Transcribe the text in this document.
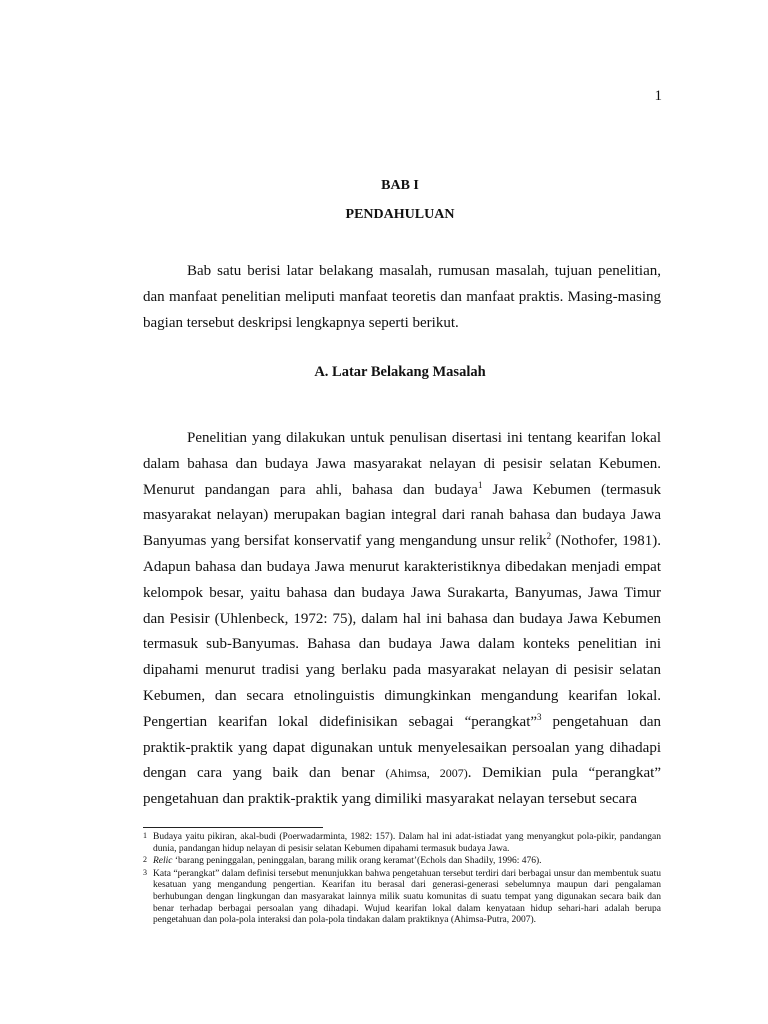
1
BAB I
PENDAHULUAN

Bab satu berisi latar belakang masalah, rumusan masalah, tujuan penelitian, dan manfaat penelitian meliputi manfaat teoretis dan manfaat praktis. Masing-masing bagian tersebut deskripsi lengkapnya seperti berikut.

A. Latar Belakang Masalah

Penelitian yang dilakukan untuk penulisan disertasi ini tentang kearifan lokal dalam bahasa dan budaya Jawa masyarakat nelayan di pesisir selatan Kebumen. Menurut pandangan para ahli, bahasa dan budaya$^1$ Jawa Kebumen (termasuk masyarakat nelayan) merupakan bagian integral dari ranah bahasa dan budaya Jawa Banyumas yang bersifat konservatif yang mengandung unsur relik$^2$ (Nothofer, 1981). Adapun bahasa dan budaya Jawa menurut karakteristiknya dibedakan menjadi empat kelompok besar, yaitu bahasa dan budaya Jawa Surakarta, Banyumas, Jawa Timur dan Pesisir (Uhlenbeck, 1972: 75), dalam hal ini bahasa dan budaya Jawa Kebumen termasuk sub-Banyumas. Bahasa dan budaya Jawa dalam konteks penelitian ini dipahami menurut tradisi yang berlaku pada masyarakat nelayan di pesisir selatan Kebumen, dan secara etnolinguistis dimungkinkan mengandung kearifan lokal. Pengertian kearifan lokal didefinisikan sebagai “perangkat”$^3$ pengetahuan dan praktik-praktik yang dapat digunakan untuk menyelesaikan persoalan yang dihadapi dengan cara yang baik dan benar (Ahimsa, 2007). Demikian pula “perangkat” pengetahuan dan praktik-praktik yang dimiliki masyarakat nelayan tersebut secara

1 Budaya yaitu pikiran, akal-budi (Poerwadarminta, 1982: 157). Dalam hal ini adat-istiadat yang menyangkut pola-pikir, pandangan dunia, pandangan hidup nelayan di pesisir selatan Kebumen dipahami termasuk budaya Jawa.

2 Relic ‘barang peninggalan, peninggalan, barang milik orang keramat’(Echols dan Shadily, 1996: 476).

3 Kata “perangkat” dalam definisi tersebut menunjukkan bahwa pengetahuan tersebut terdiri dari berbagai unsur dan membentuk suatu kesatuan yang mengandung pengertian. Kearifan itu berasal dari generasi-generasi sebelumnya maupun dari pengalaman berhubungan dengan lingkungan dan masyarakat lainnya milik suatu komunitas di suatu tempat yang digunakan secara baik dan benar terhadap berbagai persoalan yang dihadapi. Wujud kearifan lokal dalam kenyataan hidup sehari-hari adalah berupa pengetahuan dan pola-pola interaksi dan pola-pola tindakan dalam praktiknya (Ahimsa-Putra, 2007).
